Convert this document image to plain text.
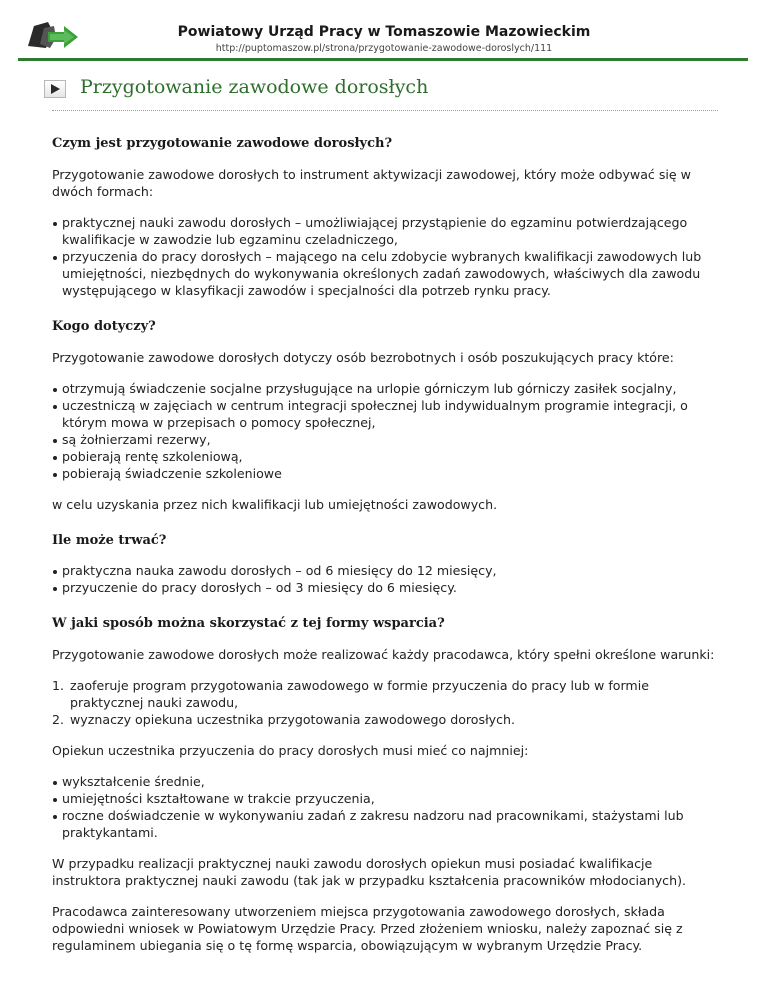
Powiatowy Urząd Pracy w Tomaszowie Mazowieckim
http://puptomaszow.pl/strona/przygotowanie-zawodowe-doroslych/111
Przygotowanie zawodowe dorosłych
Czym jest przygotowanie zawodowe dorosłych?

Przygotowanie zawodowe dorosłych to instrument aktywizacji zawodowej, który może odbywać się w dwóch formach:

praktycznej nauki zawodu dorosłych – umożliwiającej przystąpienie do egzaminu potwierdzającego kwalifikacje w zawodzie lub egzaminu czeladniczego,
przyuczenia do pracy dorosłych – mającego na celu zdobycie wybranych kwalifikacji zawodowych lub umiejętności, niezbędnych do wykonywania określonych zadań zawodowych, właściwych dla zawodu występującego w klasyfikacji zawodów i specjalności dla potrzeb rynku pracy.
Kogo dotyczy?

Przygotowanie zawodowe dorosłych dotyczy osób bezrobotnych i osób poszukujących pracy które:

otrzymują świadczenie socjalne przysługujące na urlopie górniczym lub górniczy zasiłek socjalny,
uczestniczą w zajęciach w centrum integracji społecznej lub indywidualnym programie integracji, o którym mowa w przepisach o pomocy społecznej,
są żołnierzami rezerwy,
pobierają rentę szkoleniową,
pobierają świadczenie szkoleniowe

w celu uzyskania przez nich kwalifikacji lub umiejętności zawodowych.

Ile może trwać?
praktyczna nauka zawodu dorosłych – od 6 miesięcy do 12 miesięcy,
przyuczenie do pracy dorosłych – od 3 miesięcy do 6 miesięcy.
W jaki sposób można skorzystać z tej formy wsparcia?

Przygotowanie zawodowe dorosłych może realizować każdy pracodawca, który spełni określone warunki:

1. zaoferuje program przygotowania zawodowego w formie przyuczenia do pracy lub w formie praktycznej nauki zawodu,
2. wyznaczy opiekuna uczestnika przygotowania zawodowego dorosłych.

Opiekun uczestnika przyuczenia do pracy dorosłych musi mieć co najmniej:

wykształcenie średnie,
umiejętności kształtowane w trakcie przyuczenia,
roczne doświadczenie w wykonywaniu zadań z zakresu nadzoru nad pracownikami, stażystami lub praktykantami.

W przypadku realizacji praktycznej nauki zawodu dorosłych opiekun musi posiadać kwalifikacje instruktora praktycznej nauki zawodu (tak jak w przypadku kształcenia pracowników młodocianych).

Pracodawca zainteresowany utworzeniem miejsca przygotowania zawodowego dorosłych, składa odpowiedni wniosek w Powiatowym Urzędzie Pracy. Przed złożeniem wniosku, należy zapoznać się z regulaminem ubiegania się o tę formę wsparcia, obowiązującym w wybranym Urzędzie Pracy.
